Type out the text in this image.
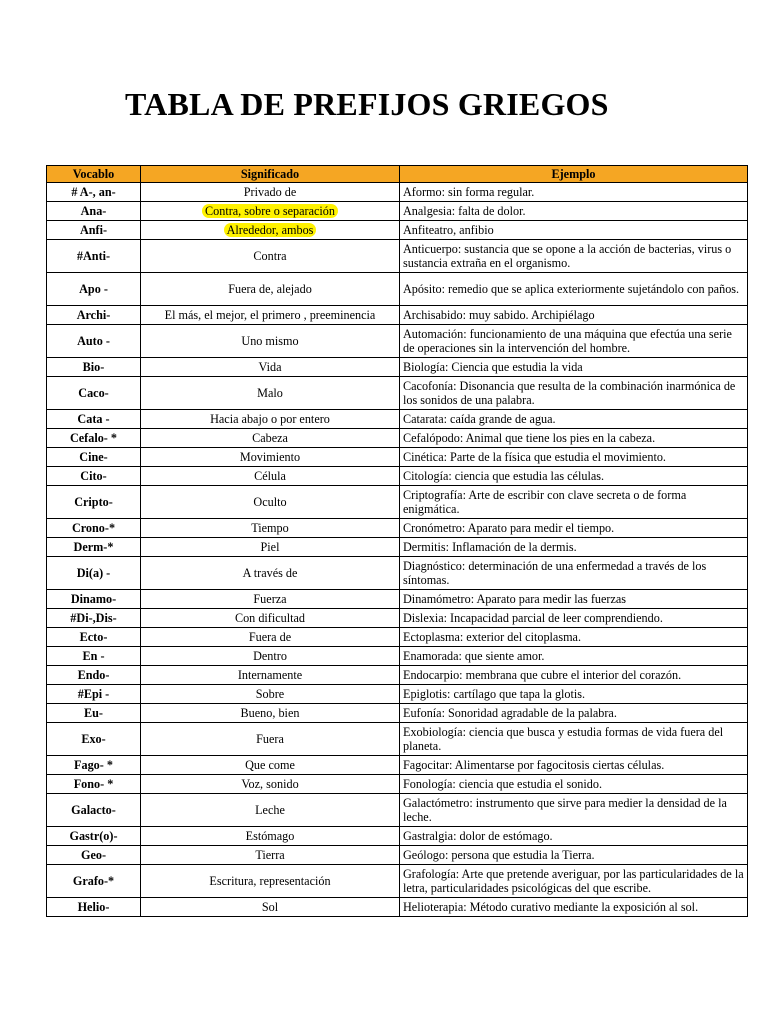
TABLA DE PREFIJOS GRIEGOS
Vocablo	Significado	Ejemplo
# A-, an-	Privado de	Aformo: sin forma regular.
Ana-	Contra, sobre o separación	Analgesia: falta de dolor.
Anfi-	Alrededor, ambos	Anfiteatro, anfibio
#Anti-	Contra	Anticuerpo: sustancia que se opone a la acción de bacterias, virus o sustancia extraña en el organismo.
Apo -	Fuera de, alejado	Apósito: remedio que se aplica exteriormente sujetándolo con paños.
Archi-	El más, el mejor, el primero , preeminencia	Archisabido: muy sabido. Archipiélago
Auto -	Uno mismo	Automación: funcionamiento de una máquina que efectúa una serie de operaciones sin la intervención del hombre.
Bio-	Vida	Biología: Ciencia que estudia la vida
Caco-	Malo	Cacofonía: Disonancia que resulta de la combinación inarmónica de los sonidos de una palabra.
Cata -	Hacia abajo o por entero	Catarata: caída grande de agua.
Cefalo- *	Cabeza	Cefalópodo: Animal que tiene los pies en la cabeza.
Cine-	Movimiento	Cinética: Parte de la física que estudia el movimiento.
Cito-	Célula	Citología: ciencia que estudia las células.
Cripto-	Oculto	Criptografía: Arte de escribir con clave secreta o de forma enigmática.
Crono-*	Tiempo	Cronómetro: Aparato para medir el tiempo.
Derm-*	Piel	Dermitis: Inflamación de la dermis.
Di(a) -	A través de	Diagnóstico: determinación de una enfermedad a través de los síntomas.
Dinamo-	Fuerza	Dinamómetro: Aparato para medir las fuerzas
#Di-,Dis-	Con dificultad	Dislexia: Incapacidad parcial de leer comprendiendo.
Ecto-	Fuera de	Ectoplasma: exterior del citoplasma.
En -	Dentro	Enamorada: que siente amor.
Endo-	Internamente	Endocarpio: membrana que cubre el interior del corazón.
#Epi -	Sobre	Epiglotis: cartílago que tapa la glotis.
Eu-	Bueno, bien	Eufonía: Sonoridad agradable de la palabra.
Exo-	Fuera	Exobiología: ciencia que busca y estudia formas de vida fuera del planeta.
Fago- *	Que come	Fagocitar: Alimentarse por fagocitosis ciertas células.
Fono- *	Voz, sonido	Fonología: ciencia que estudia el sonido.
Galacto-	Leche	Galactómetro: instrumento que sirve para medier la densidad de la leche.
Gastr(o)-	Estómago	Gastralgia: dolor de estómago.
Geo-	Tierra	Geólogo: persona que estudia la Tierra.
Grafo-*	Escritura, representación	Grafología: Arte que pretende averiguar, por las particularidades de la letra, particularidades psicológicas del que escribe.
Helio-	Sol	Helioterapia: Método curativo mediante la exposición al sol.
